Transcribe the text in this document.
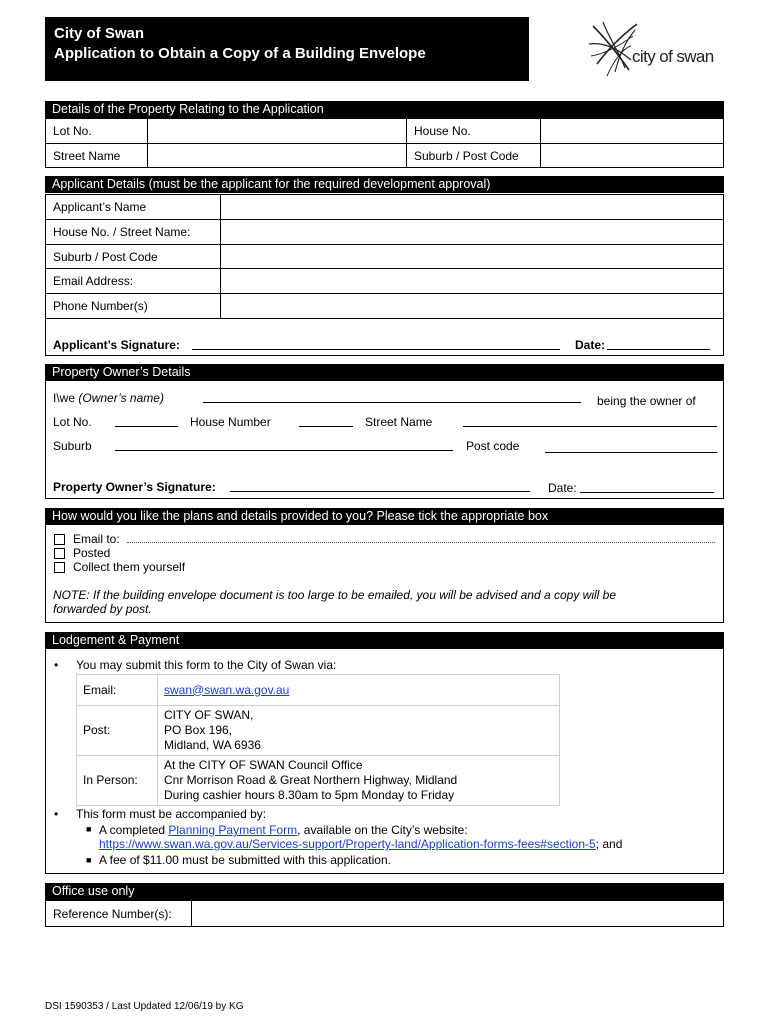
City of Swan
Application to Obtain a Copy of a Building Envelope	city of swan
Details of the Property Relating to the Application
Lot No.		House No.	
Street Name		Suburb / Post Code	
Applicant Details (must be the applicant for the required development approval)
Applicant’s Name	
House No. / Street Name:	
Suburb / Post Code	
Email Address:	
Phone Number(s)	
Applicant’s Signature:	Date:
Property Owner’s Details
I\we (Owner’s name)	being the owner of
Lot No.	House Number	Street Name
Suburb	Post code
Property Owner’s Signature:	Date:
How would you like the plans and details provided to you? Please tick the appropriate box
Email to:
Posted
Collect them yourself
NOTE: If the building envelope document is too large to be emailed, you will be advised and a copy will be
forwarded by post.
Lodgement & Payment
• You may submit this form to the City of Swan via:
Email:	swan@swan.wa.gov.au
Post:	CITY OF SWAN,
PO Box 196,
Midland, WA 6936

In Person:	At the CITY OF SWAN Council Office
Cnr Morrison Road & Great Northern Highway, Midland
During cashier hours 8.30am to 5pm Monday to Friday
• This form must be accompanied by:
■ A completed Planning Payment Form, available on the City’s website:
https://www.swan.wa.gov.au/Services-support/Property-land/Application-forms-fees#section-5; and
■ A fee of $11.00 must be submitted with this application.
Office use only
Reference Number(s):	
DSI 1590353 / Last Updated 12/06/19 by KG
